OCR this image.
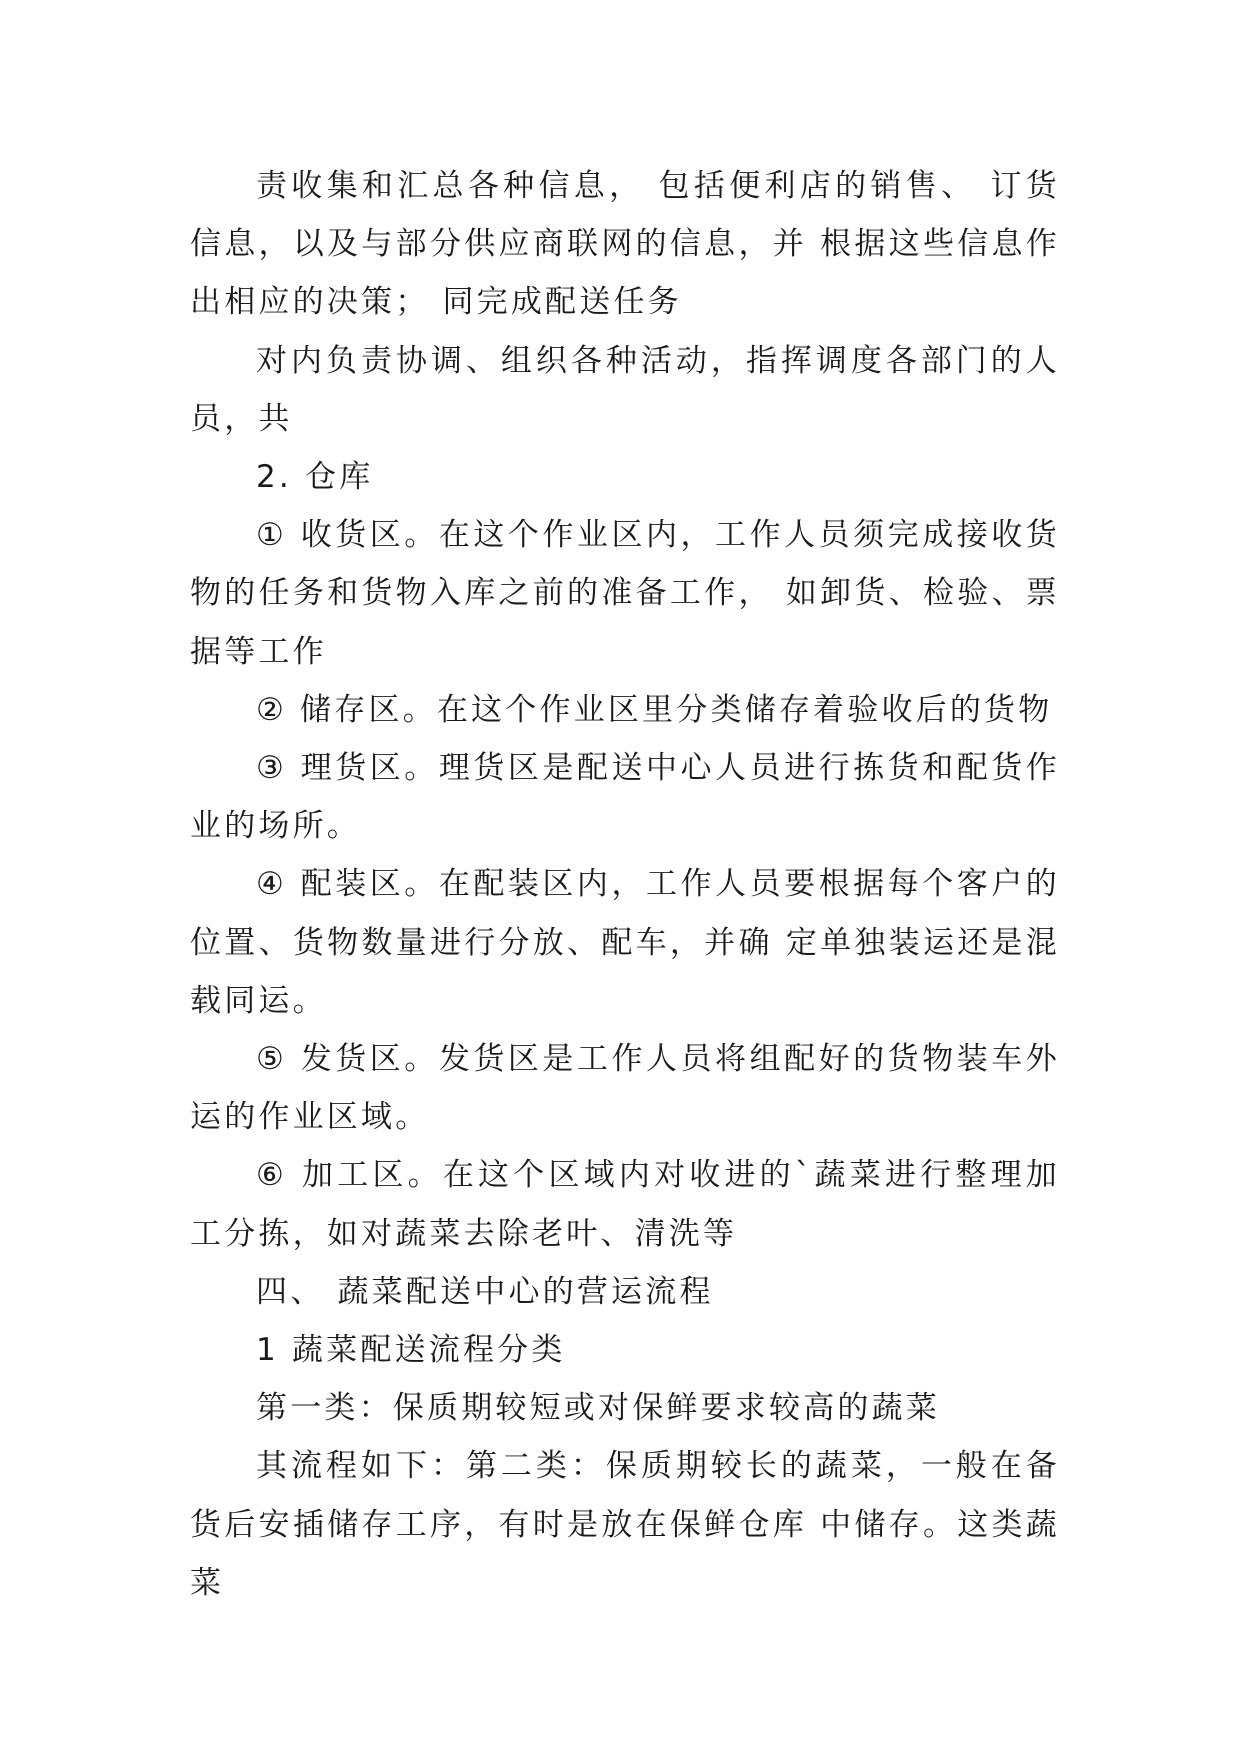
责收集和汇总各种信息， 包括便利店的销售、 订货信息，以及与部分供应商联网的信息，并 根据这些信息作出相应的决策； 同完成配送任务

对内负责协调、组织各种活动，指挥调度各部门的人员，共

2. 仓库

① 收货区。在这个作业区内，工作人员须完成接收货物的任务和货物入库之前的准备工作， 如卸货、检验、票据等工作

② 储存区。在这个作业区里分类储存着验收后的货物

③ 理货区。理货区是配送中心人员进行拣货和配货作业的场所。

④ 配装区。在配装区内，工作人员要根据每个客户的位置、货物数量进行分放、配车，并确 定单独装运还是混载同运。

⑤ 发货区。发货区是工作人员将组配好的货物装车外运的作业区域。

⑥ 加工区。在这个区域内对收进的`蔬菜进行整理加工分拣，如对蔬菜去除老叶、清洗等

四、 蔬菜配送中心的营运流程

1 蔬菜配送流程分类

第一类：保质期较短或对保鲜要求较高的蔬菜

其流程如下：第二类：保质期较长的蔬菜，一般在备货后安插储存工序，有时是放在保鲜仓库 中储存。这类蔬菜
